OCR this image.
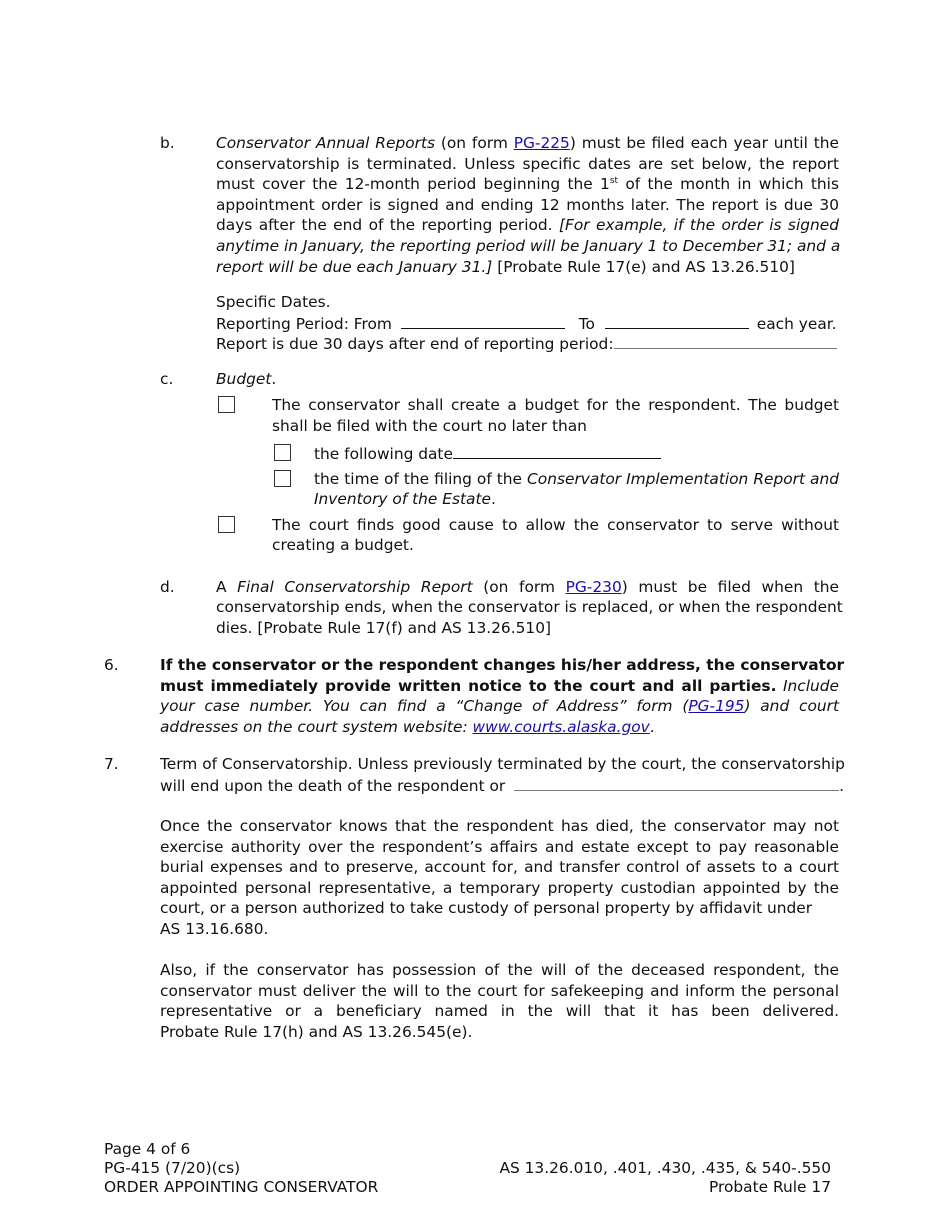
b.	Conservator Annual Reports (on form PG-225) must be filed each year until the
conservatorship is terminated. Unless specific dates are set below, the report
must cover the 12-month period beginning the 1st of the month in which this
appointment order is signed and ending 12 months later. The report is due 30
days after the end of the reporting period. [For example, if the order is signed
anytime in January, the reporting period will be January 1 to December 31; and a
report will be due each January 31.] [Probate Rule 17(e) and AS 13.26.510]
Specific Dates.
Reporting Period: From	To	each year.
Report is due 30 days after end of reporting period:
c.	Budget.
The conservator shall create a budget for the respondent. The budget
shall be filed with the court no later than
the following date
the time of the filing of the Conservator Implementation Report and
Inventory of the Estate.
The court finds good cause to allow the conservator to serve without
creating a budget.
d.	A Final Conservatorship Report (on form PG-230) must be filed when the
conservatorship ends, when the conservator is replaced, or when the respondent
dies. [Probate Rule 17(f) and AS 13.26.510]
6.	If the conservator or the respondent changes his/her address, the conservator
must immediately provide written notice to the court and all parties. Include
your case number. You can find a “Change of Address” form (PG-195) and court
addresses on the court system website: www.courts.alaska.gov.
7.	Term of Conservatorship. Unless previously terminated by the court, the conservatorship
will end upon the death of the respondent or	.
Once the conservator knows that the respondent has died, the conservator may not
exercise authority over the respondent’s affairs and estate except to pay reasonable
burial expenses and to preserve, account for, and transfer control of assets to a court
appointed personal representative, a temporary property custodian appointed by the
court, or a person authorized to take custody of personal property by affidavit under
AS 13.16.680.
Also, if the conservator has possession of the will of the deceased respondent, the
conservator must deliver the will to the court for safekeeping and inform the personal
representative or a beneficiary named in the will that it has been delivered.
Probate Rule 17(h) and AS 13.26.545(e).
Page 4 of 6
PG-415 (7/20)(cs)
ORDER APPOINTING CONSERVATOR
AS 13.26.010, .401, .430, .435, & 540-.550
Probate Rule 17
